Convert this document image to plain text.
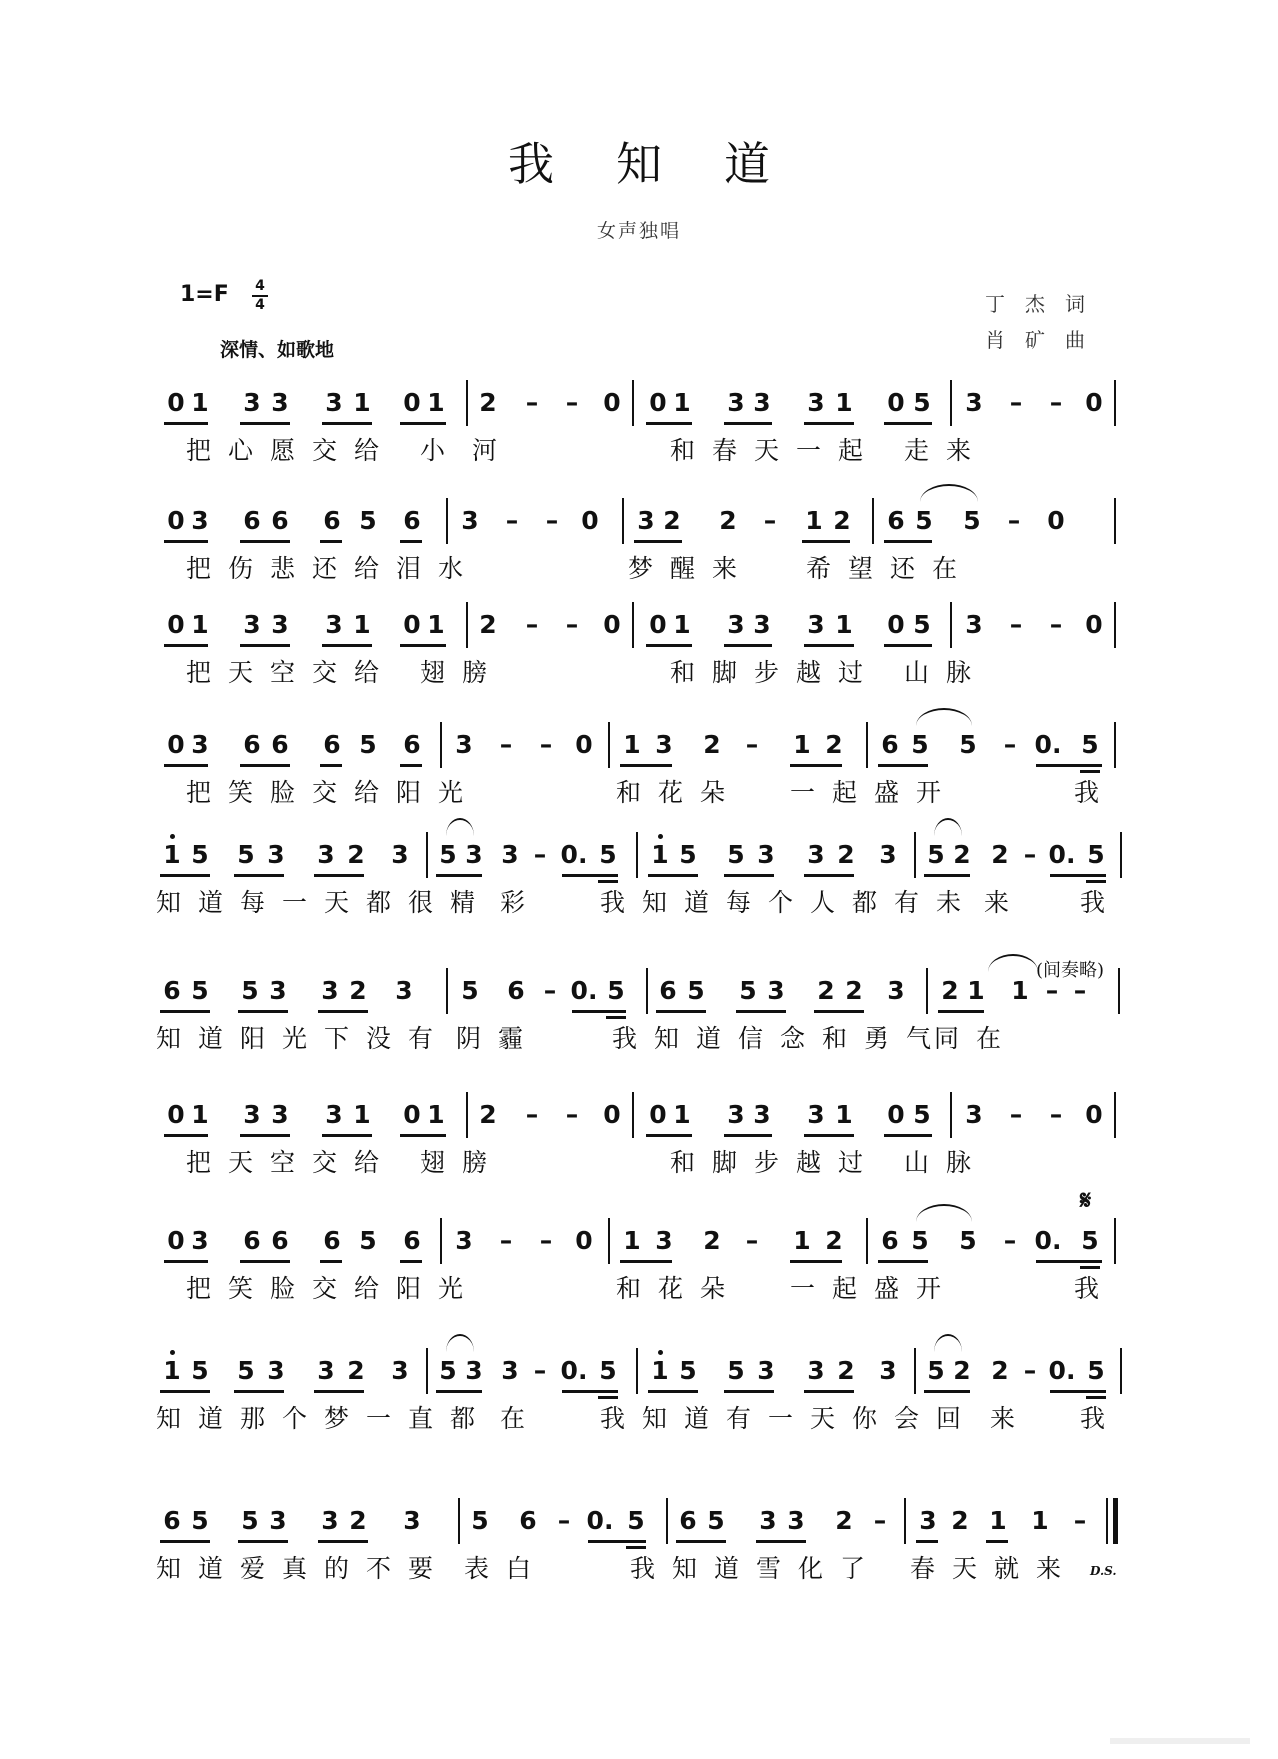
我知道
女声独唱
1=F 4
4
深情、如歌地
丁杰词
肖矿曲
0 1 3 3 3 1 0 1 2	–	–	0 0 1 3 3 3 1 0 5 3	–	– 0
把心愿交给 小 河	和春天一起 走来
0 3 6 6 6 5 6 3	–	– 0 3 2 2	–	1 2 6 5 5	–	0
把伤悲还给泪水	梦醒来 希望还在
0 1 3 3 3 1 0 1 2	–	–	0 0 1 3 3 3 1 0 5 3	–	– 0
把天空交给 翅膀	和脚步越过 山脉
0 3 6 6 6 5 6 3	–	– 0 1 3 2	–	1 2 6 5 5	– 0. 5
把笑脸交给阳光	和花朵 一起盛开	我
1 5 5 3 3 2 3 5 3 3 – 0. 5 1 5 5 3 3 2 3 5 2 2 – 0. 5
知道每一天都很精 彩 我知道每个人都有未 来 我
6 5 5 3 3 2 3 5 6 – 0. 5 6 5 5 3 2 2 3 2 1 1 – –
(间奏略)
知道阳光下没有 阴霾	我知道信念和勇气
同在
0 1 3 3 3 1 0 1 2	–	–	0 0 1 3 3 3 1 0 5 3	–	– 0
把天空交给 翅膀	和脚步越过 山脉
0 3 6 6 6 5 6 3	–	– 0 1 3 2	–	1 2 6 5 5	– 0. 5
𝄋
把笑脸交给阳光	和花朵 一起盛开	我
1 5 5 3 3 2 3 5 3 3 – 0. 5 1 5 5 3 3 2 3 5 2 2 – 0. 5
知道那个梦一直都 在 我知道有一天你会回 来 我
6 5 5 3 3 2 3 5 6 – 0. 5 6 5 3 3 2 –	3 2 1 1	–
知道爱真的不要 表白	我知道雪化了 春天就来 D.S.
